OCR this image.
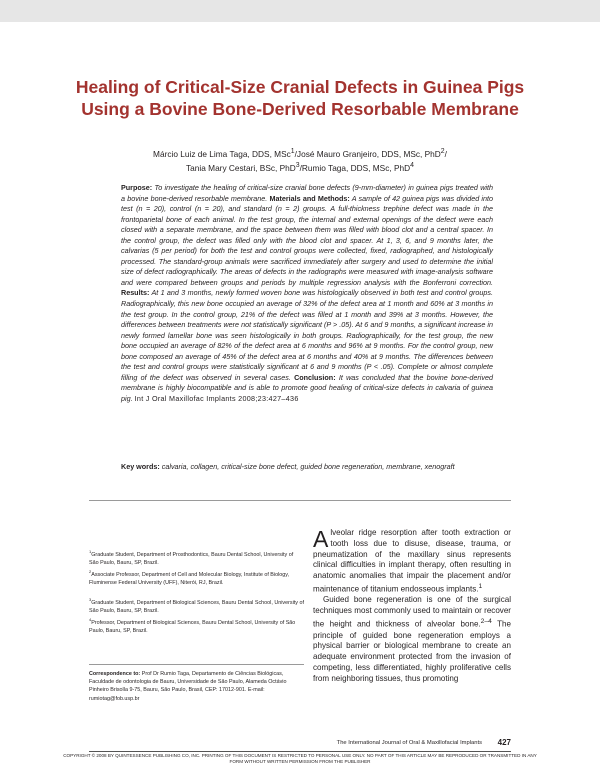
Healing of Critical-Size Cranial Defects in Guinea Pigs Using a Bovine Bone-Derived Resorbable Membrane
Márcio Luiz de Lima Taga, DDS, MSc$^1$/José Mauro Granjeiro, DDS, MSc, PhD$^2$/
Tania Mary Cestari, BSc, PhD$^3$/Rumio Taga, DDS, MSc, PhD$^4$

Purpose: To investigate the healing of critical-size cranial bone defects (9-mm-diameter) in guinea pigs treated with a bovine bone-derived resorbable membrane. Materials and Methods: A sample of 42 guinea pigs was divided into test (n = 20), control (n = 20), and standard (n = 2) groups. A full-thickness trephine defect was made in the frontoparietal bone of each animal. In the test group, the internal and external openings of the defect were each closed with a separate membrane, and the space between them was filled with blood clot and a central spacer. In the control group, the defect was filled only with the blood clot and spacer. At 1, 3, 6, and 9 months later, the calvarias (5 per period) for both the test and control groups were collected, fixed, radiographed, and histologically processed. The standard-group animals were sacrificed immediately after surgery and used to determine the initial size of defect radiographically. The areas of defects in the radiographs were measured with image-analysis software and were compared between groups and periods by multiple regression analysis with the Bonferroni correction. Results: At 1 and 3 months, newly formed woven bone was histologically observed in both test and control groups. Radiographically, this new bone occupied an average of 32% of the defect area at 1 month and 60% at 3 months in the test group. In the control group, 21% of the defect was filled at 1 month and 39% at 3 months. However, the differences between treatments were not statistically significant (P > .05). At 6 and 9 months, a significant increase in newly formed lamellar bone was seen histologically in both groups. Radiographically, for the test group, the new bone occupied an average of 82% of the defect area at 6 months and 96% at 9 months. For the control group, new bone composed an average of 45% of the defect area at 6 months and 40% at 9 months. The differences between the test and control groups were statistically significant at 6 and 9 months (P < .05). Complete or almost complete filling of the defect was observed in several cases. Conclusion: It was concluded that the bovine bone-derived membrane is highly biocompatible and is able to promote good healing of critical-size defects in calvaria of guinea pig. Int J Oral Maxillofac Implants 2008;23:427–436

Key words: calvaria, collagen, critical-size bone defect, guided bone regeneration, membrane, xenograft

$^1$Graduate Student, Department of Prosthodontics, Bauru Dental School, University of São Paulo, Bauru, SP, Brazil.

$^2$Associate Professor, Department of Cell and Molecular Biology, Institute of Biology, Fluminense Federal University (UFF), Niterói, RJ, Brazil.

$^3$Graduate Student, Department of Biological Sciences, Bauru Dental School, University of São Paulo, Bauru, SP, Brazil.

$^4$Professor, Department of Biological Sciences, Bauru Dental School, University of São Paulo, Bauru, SP, Brazil.

Correspondence to: Prof Dr Rumio Taga, Departamento de Ciências Biológicas, Faculdade de odontologia de Bauru, Universidade de São Paulo, Alameda Octávio Pinheiro Brisolla 9-75, Bauru, São Paulo, Brasil, CEP: 17012-901. E-mail: rumiotag@fob.usp.br

Alveolar ridge resorption after tooth extraction or tooth loss due to disuse, disease, trauma, or pneumatization of the maxillary sinus represents clinical difficulties in implant therapy, often resulting in anatomic anomalies that impair the placement and/or maintenance of titanium endosseous implants.$^1$

Guided bone regeneration is one of the surgical techniques most commonly used to maintain or recover the height and thickness of alveolar bone.$^{2-4}$ The principle of guided bone regeneration employs a physical barrier or biological membrane to create an adequate environment protected from the invasion of competing, less differentiated, highly proliferative cells from neighboring tissues, thus promoting

The International Journal of Oral & Maxillofacial Implants	427

COPYRIGHT © 2008 BY QUINTESSENCE PUBLISHING CO, INC. PRINTING OF THIS DOCUMENT IS RESTRICTED TO PERSONAL USE ONLY. NO PART OF THIS ARTICLE MAY BE REPRODUCED OR TRANSMITTED IN ANY FORM WITHOUT WRITTEN PERMISSION FROM THE PUBLISHER
